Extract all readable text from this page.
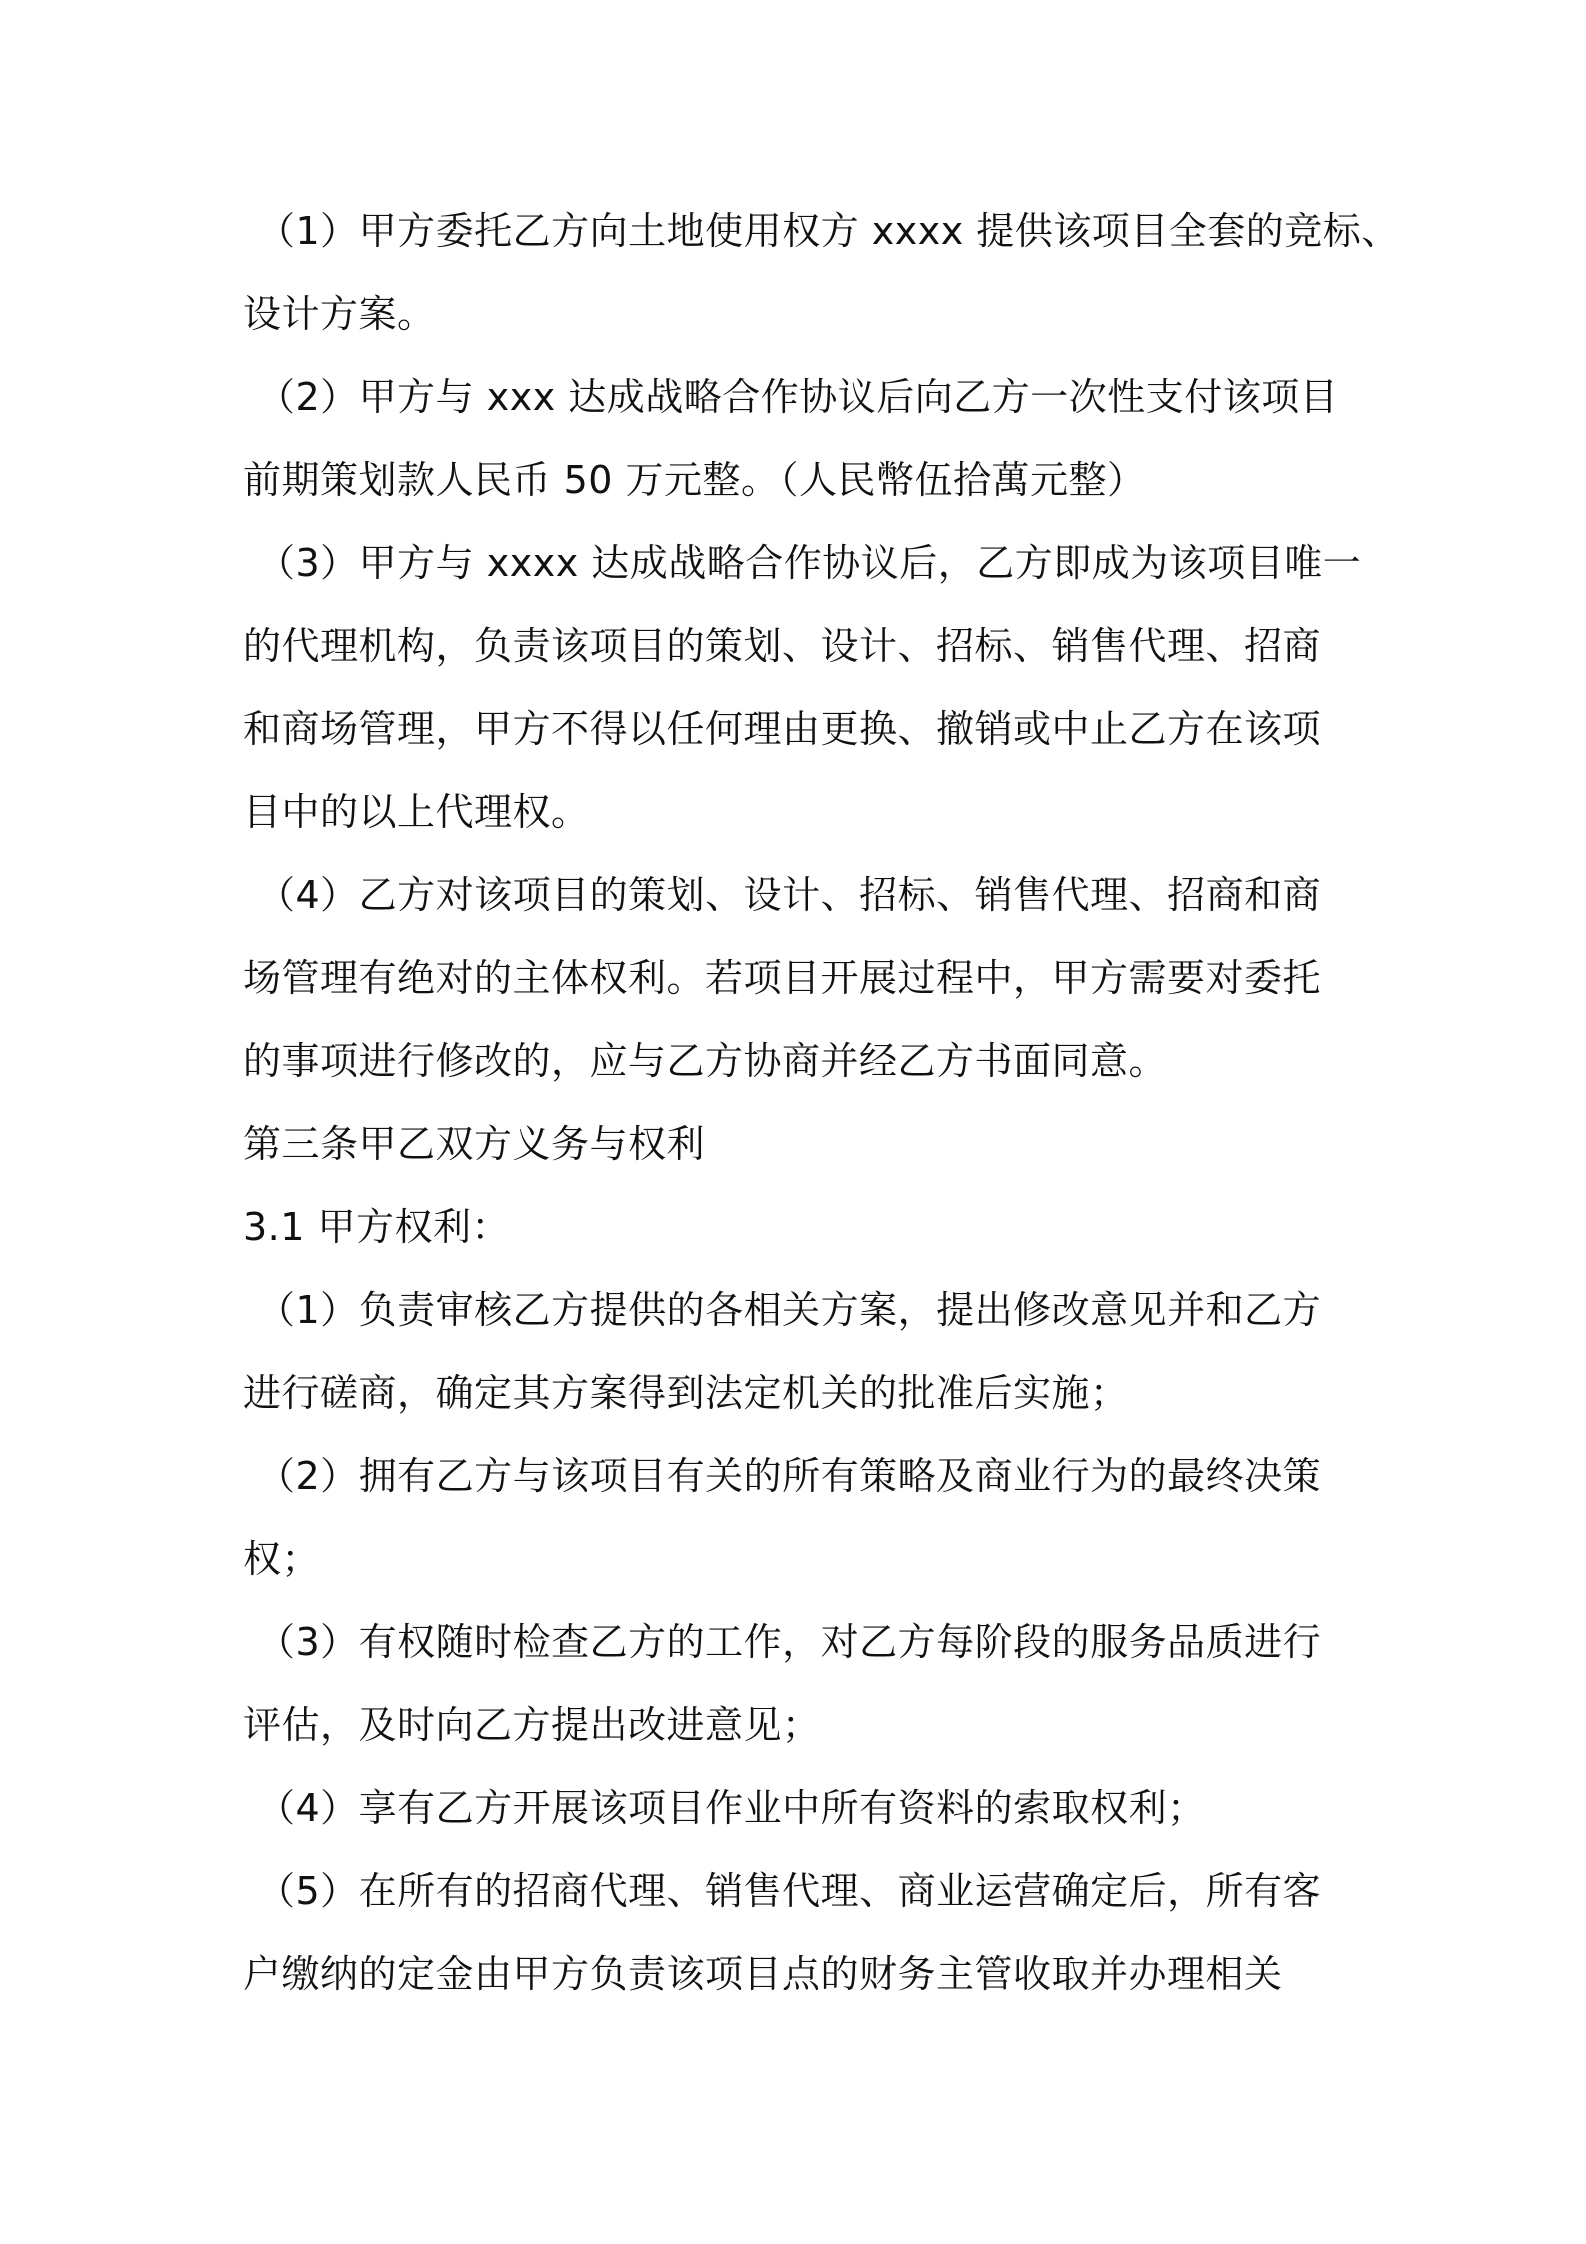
（1）甲方委托乙方向土地使用权方 xxxx 提供该项目全套的竞标、
设计方案。
（2）甲方与 xxx 达成战略合作协议后向乙方一次性支付该项目
前期策划款人民币 50 万元整。（人民幣伍拾萬元整）
（3）甲方与 xxxx 达成战略合作协议后，乙方即成为该项目唯一
的代理机构，负责该项目的策划、设计、招标、销售代理、招商
和商场管理，甲方不得以任何理由更换、撤销或中止乙方在该项
目中的以上代理权。
（4）乙方对该项目的策划、设计、招标、销售代理、招商和商
场管理有绝对的主体权利。若项目开展过程中，甲方需要对委托
的事项进行修改的，应与乙方协商并经乙方书面同意。
第三条甲乙双方义务与权利
3.1 甲方权利：
（1）负责审核乙方提供的各相关方案，提出修改意见并和乙方
进行磋商，确定其方案得到法定机关的批准后实施；
（2）拥有乙方与该项目有关的所有策略及商业行为的最终决策
权；
（3）有权随时检查乙方的工作，对乙方每阶段的服务品质进行
评估，及时向乙方提出改进意见；
（4）享有乙方开展该项目作业中所有资料的索取权利；
（5）在所有的招商代理、销售代理、商业运营确定后，所有客
户缴纳的定金由甲方负责该项目点的财务主管收取并办理相关
